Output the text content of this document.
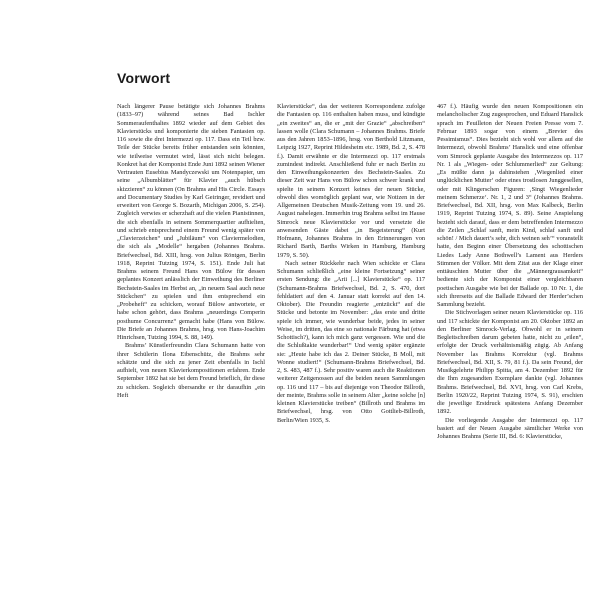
Vorwort

Nach längerer Pause betätigte sich Johannes Brahms (1833–97) während seines Bad Ischler Sommeraufenthaltes 1892 wieder auf dem Gebiet des Klavierstücks und komponierte die sieben Fantasien op. 116 sowie die drei Intermezzi op. 117. Dass ein Teil bzw. Teile der Stücke bereits früher entstanden sein könnten, wie teilweise vermutet wird, lässt sich nicht belegen. Konkret hat der Komponist Ende Juni 1892 seinen Wiener Vertrauten Eusebius Mandyczewski um Notenpapier, um seine „Albumblätter“ für Klavier „auch hübsch skizzieren“ zu können (On Brahms and His Circle. Essays and Documentary Studies by Karl Geiringer, revidiert und erweitert von George S. Bozarth, Michigan 2006, S. 254). Zugleich verwies er scherzhaft auf die vielen Pianistinnen, die sich ebenfalls in seinem Sommerquartier aufhielten, und schrieb entsprechend einem Freund wenig später von „Clavierzeichen“ und „Jubiläum“ von Claviermelodien, die sich als „Modelle“ hergaben (Johannes Brahms. Briefwechsel, Bd. XIII, hrsg. von Julius Röntgen, Berlin 1918, Reprint Tutzing 1974, S. 151). Ende Juli hat Brahms seinem Freund Hans von Bülow für dessen geplantes Konzert anlässlich der Einweihung des Berliner Bechstein-Saales im Herbst an, „in neuem Saal auch neue Stückchen“ zu spielen und ihm entsprechend ein „Probeheft“ zu schicken, worauf Bülow antwortete, er habe schon gehört, dass Brahms „neuerdings Comperin posthume Concurrenz“ gemacht habe (Hans von Bülow. Die Briefe an Johannes Brahms, hrsg. von Hans-Joachim Hinrichsen, Tutzing 1994, S. 88, 149).

Brahms’ Künstlerfreundin Clara Schumann hatte von ihrer Schülerin Ilona Eibenschütz, die Brahms sehr schätzte und die sich zu jener Zeit ebenfalls in Ischl aufhielt, von neuen Klavierkompositionen erfahren. Ende September 1892 hat sie bei dem Freund brieflich, ihr diese zu schicken. Sogleich übersandte er ihr daraufhin „ein Heft

Klavierstücke“, das der weiteren Korrespondenz zufolge die Fantasien op. 116 enthalten haben muss, und kündigte „ein zweites“ an, die er „mit der Grazie“ „abschreiben“ lassen wolle (Clara Schumann – Johannes Brahms. Briefe aus den Jahren 1853–1896, hrsg. von Berthold Litzmann, Leipzig 1927, Reprint Hildesheim etc. 1989, Bd. 2, S. 478 f.). Damit erwähnte er die Intermezzi op. 117 erstmals zumindest indirekt. Anschließend fuhr er nach Berlin zu den Einweihungskonzerten des Bechstein-Saales. Zu dieser Zeit war Hans von Bülow schon schwer krank und spielte in seinem Konzert keines der neuen Stücke, obwohl dies womöglich geplant war, wie Notizen in der Allgemeinen Deutschen Musik-Zeitung vom 19. und 26. August nahelegen. Immerhin trug Brahms selbst im Hause Simrock neue Klavierstücke vor und versetzte die anwesenden Gäste dabei „in Begeisterung“ (Kurt Hofmann, Johannes Brahms in den Erinnerungen von Richard Barth, Barths Wirken in Hamburg, Hamburg 1979, S. 50).

Nach seiner Rückkehr nach Wien schickte er Clara Schumann schließlich „eine kleine Fortsetzung“ seiner ersten Sendung: die „Arii [...] Klavierstücke“ op. 117 (Schumann-Brahms Briefwechsel, Bd. 2, S. 470, dort fehldatiert auf den 4. Januar statt korrekt auf den 14. Oktober). Die Freundin reagierte „entzückt“ auf die Stücke und betonte im November: „das erste und dritte spiele ich immer, wie wunderbar beide, jedes in seiner Weise, im dritten, das eine so nationale Färbung hat (etwa Schottisch?), kann ich mich ganz vergessen. Wie und die die Schlußtakte wunderbar!“ Und wenig später ergänzte sie: „Heute habe ich das 2. Deiner Stücke, B Moll, mit Wonne studiert!“ (Schumann-Brahms Briefwechsel, Bd. 2, S. 483, 487 f.). Sehr positiv waren auch die Reaktionen weiterer Zeitgenossen auf die beiden neuen Sammlungen op. 116 und 117 – bis auf diejenige von Theodor Billroth, der meinte, Brahms solle in seinem Alter „keine solche [n] kleinen Klavierstücke treiben“ (Billroth und Brahms im Briefwechsel, hrsg. von Otto Gottlieb-Billroth, Berlin/Wien 1935, S.

467 f.). Häufig wurde den neuen Kompositionen ein melancholischer Zug zugesprochen, und Eduard Hanslick sprach im Feuilleton der Neuen Freien Presse vom 7. Februar 1893 sogar von einem „Brevier des Pessimismus“. Dies bezieht sich wohl vor allem auf die Intermezzi, obwohl Brahms’ Hanslick und eine offenbar vom Simrock geplante Ausgabe des Intermezzos op. 117 Nr. 1 als „Wiegen- oder Schlummerlied“ zur Geltung: „Es müßte dann ja dahinstehen ‚Wiegenlied einer unglücklichen Mutter‘ oder eines trostlosen Junggesellen, oder mit Klingerschen Figuren: ‚Singt Wiegenlieder meinem Schmerze‘. Nr. 1, 2 und 3“ (Johannes Brahms. Briefwechsel, Bd. XII, hrsg. von Max Kalbeck, Berlin 1919, Reprint Tutzing 1974, S. 89). Seine Anspielung bezieht sich darauf, dass er dem betreffenden Intermezzo die Zeilen „Schlaf sanft, mein Kind, schlaf sanft und schön! / Mich dauert’s sehr, dich weinen seh’“ voranstellt hatte, den Beginn einer Übersetzung des schottischen Liedes Lady Anne Bothwell’s Lament aus Herders Stimmen der Völker. Mit dem Zitat aus der Klage einer enttäuschten Mutter über die „Männergrausamkeit“ bediente sich der Komponist einer vergleichbaren poetischen Ausgabe wie bei der Ballade op. 10 Nr. 1, die sich ihrerseits auf die Ballade Edward der Herder’schen Sammlung bezieht.

Die Stichvorlagen seiner neuen Klavierstücke op. 116 und 117 schickte der Komponist am 20. Oktober 1892 an den Berliner Simrock-Verlag. Obwohl er in seinem Begleitschreiben darum gebeten hatte, nicht zu „eilen“, erfolgte der Druck verhältnismäßig zügig. Ab Anfang November las Brahms Korrektur (vgl. Brahms Briefwechsel, Bd. XII, S. 79, 81 f.). Da sein Freund, der Musikgelehrte Philipp Spitta, am 4. Dezember 1892 für die Ihm zugesandten Exemplare dankte (vgl. Johannes Brahms. Briefwechsel, Bd. XVI, hrsg. von Carl Krebs, Berlin 1920/22, Reprint Tutzing 1974, S. 91), erschien die jeweilige Erstdruck spätestens Anfang Dezember 1892.

Die vorliegende Ausgabe der Intermezzi op. 117 basiert auf der Neuen Ausgabe sämtlicher Werke von Johannes Brahms (Serie III, Bd. 6: Klavierstücke,
